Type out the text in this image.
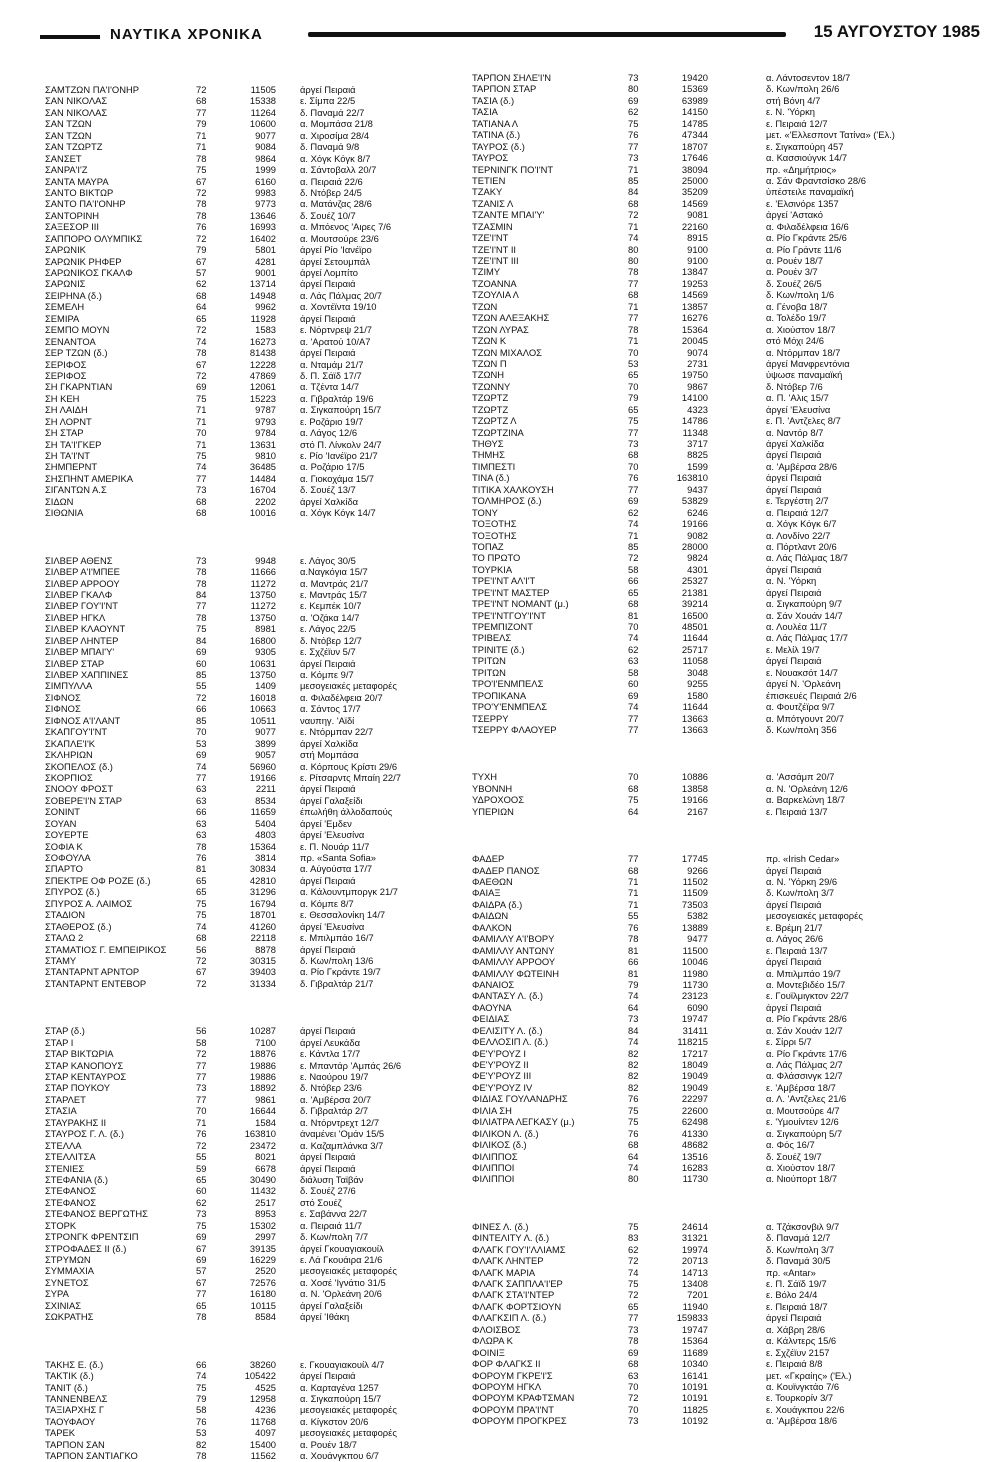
ΝΑΥΤΙΚΑ ΧΡΟΝΙΚΑ	15 ΑΥΓΟΥΣΤΟΥ 1985
ΣΑΜΤΖΩΝ ΠΑ'Ι'ΟΝΗΡ	72	11505	άργεί Πειραιά
ΣΑΝ ΝΙΚΟΛΑΣ	68	15338	ε. Σίμπα 22/5
ΣΑΝ ΝΙΚΟΛΑΣ	77	11264	δ. Παναμά 22/7
ΣΑΝ ΤΖΩΝ	79	10600	α. Μομπάσα 21/8
ΣΑΝ ΤΖΩΝ	71	9077	α. Χιροσίμα 28/4
ΣΑΝ ΤΖΩΡΤΖ	71	9084	δ. Παναμά 9/8
ΣΑΝΣΕΤ	78	9864	α. Χόγκ Κόγκ 8/7
ΣΑΝΡΑ'Ι'Ζ	75	1999	α. Σάντοβαλλ 20/7
ΣΑΝΤΑ ΜΑΥΡΑ	67	6160	α. Πειραιά 22/6
ΣΑΝΤΟ ΒΙΚΤΩΡ	72	9983	δ. Ντόβερ 24/5
ΣΑΝΤΟ ΠΑ'Ι'ΟΝΗΡ	78	9773	α. Ματάνζας 28/6
ΣΑΝΤΟΡΙΝΗ	78	13646	δ. Σουέζ 10/7
ΣΑΞΕΣΟΡ ΙΙΙ	76	16993	α. Μπόενος 'Αιρες 7/6
ΣΑΠΠΟΡΟ ΟΛΥΜΠΙΚΣ	72	16402	α. Μουτσούρε 23/6
ΣΑΡΩΝΙΚ	79	5801	άργεί Ρίο 'Ιανέϊρο
ΣΑΡΩΝΙΚ ΡΗΦΕΡ	67	4281	άργεί Σετουμπάλ
ΣΑΡΩΝΙΚΟΣ ΓΚΑΛΦ	57	9001	άργεί Λομπίτο
ΣΑΡΩΝΙΣ	62	13714	άργεί Πειραιά
ΣΕΙΡΗΝΑ (δ.)	68	14948	α. Λάς Πάλμας 20/7
ΣΕΜΕΛΗ	64	9962	α. Χοντέϊντα 19/10
ΣΕΜΙΡΑ	65	11928	άργεί Πειραιά
ΣΕΜΠΟ ΜΟΥΝ	72	1583	ε. Νόρτνρεψ 21/7
ΣΕΝΑΝΤΟΑ	74	16273	α. 'Αρατού 10/Α7
ΣΕΡ ΤΖΩΝ (δ.)	78	81438	άργεί Πειραιά
ΣΕΡΙΦΟΣ	67	12228	α. Νταμάμ 21/7
ΣΕΡΙΦΟΣ	72	47869	δ. Π. Σάϊδ 17/7
ΣΗ ΓΚΑΡΝΤΙΑΝ	69	12061	α. Τζέντα 14/7
ΣΗ ΚΕΗ	75	15223	α. Γιβραλτάρ 19/6
ΣΗ ΛΑΙΔΗ	71	9787	α. Σιγκαπούρη 15/7
ΣΗ ΛΟΡΝΤ	71	9793	ε. Ροζάριο 19/7
ΣΗ ΣΤΑΡ	70	9784	α. Λάγος 12/6
ΣΗ ΤΑ'Ι'ΓΚΕΡ	71	13631	στό Π. Λίνκολν 24/7
ΣΗ ΤΑ'Ι'ΝΤ	75	9810	ε. Ρίο 'Ιανέϊρο 21/7
ΣΗΜΠΕΡΝΤ	74	36485	α. Ροζάριο 17/5
ΣΗΣΠΗΝΤ ΑΜΕΡΙΚΑ	77	14484	α. Γιοκοχάμα 15/7
ΣΙΓΑΝΤΩΝ Α.Σ	73	16704	δ. Σουέζ 13/7
ΣΙΔΩΝ	68	2202	άργεί Χαλκίδα
ΣΙΘΩΝΙΑ	68	10016	α. Χόγκ Κόγκ 14/7
ΣΙΛΒΕΡ ΑΘΕΝΣ	73	9948	ε. Λάγος 30/5
ΣΙΛΒΕΡ Α'Ι'ΜΠΕΕ	78	11666	α.Ναγκόγια 15/7
ΣΙΛΒΕΡ ΑΡΡΟΟΥ	78	11272	α. Μαντράς 21/7
ΣΙΛΒΕΡ ΓΚΑΛΦ	84	13750	ε. Μαντράς 15/7
ΣΙΛΒΕΡ ΓΟΥ'Ι'ΝΤ	77	11272	ε. Κεμπέκ 10/7
ΣΙΛΒΕΡ ΗΓΚΛ	78	13750	α. 'Οζάκα 14/7
ΣΙΛΒΕΡ ΚΛΑΟΥΝΤ	75	8981	ε. Λάγος 22/5
ΣΙΛΒΕΡ ΛΗΝΤΕΡ	84	16800	δ. Ντόβερ 12/7
ΣΙΛΒΕΡ ΜΠΑΙ'Υ'	69	9305	ε. Σχζέϊυν 5/7
ΣΙΛΒΕΡ ΣΤΑΡ	60	10631	άργεί Πειραιά
ΣΙΛΒΕΡ ΧΑΠΠΙΝΕΣ	85	13750	α. Κόμπε 9/7
ΣΙΜΠΥΛΛΑ	55	1409	μεσογειακές μεταφορές
ΣΙΦΝΟΣ	72	16018	α. Φιλαδέλφεια 20/7
ΣΙΦΝΟΣ	66	10663	α. Σάντος 17/7
ΣΙΦΝΟΣ Α'Ι'ΛΑΝΤ	85	10511	ναυπηγ. 'Αϊδί
ΣΚΑΠΓΟΥ'Ι'ΝΤ	70	9077	ε. Ντόρμπαν 22/7
ΣΚΑΠΛΕ'Ι'Κ	53	3899	άργεί Χαλκίδα
ΣΚΛΗΡΙΩΝ	69	9057	στή Μομπάσα
ΣΚΟΠΕΛΟΣ (δ.)	74	56960	α. Κόρπους Κρίστι 29/6
ΣΚΟΡΠΙΟΣ	77	19166	ε. Ρίτσαρντς Μπαίη 22/7
ΣΝΟΟΥ ΦΡΟΣΤ	63	2211	άργεί Πειραιά
ΣΟΒΕΡΕ'Ι'Ν ΣΤΑΡ	63	8534	άργεί Γαλαξείδι
ΣΟΝΙΝΤ	66	11659	έπωλήθη άλλοδαπούς
ΣΟΥΑΝ	63	5404	άργεί 'Εμδεν
ΣΟΥΕΡΤΕ	63	4803	άργεί 'Ελευσίνα
ΣΟΦΙΑ Κ	78	15364	ε. Π. Νουάρ 11/7
ΣΟΦΟΥΛΑ	76	3814	πρ. «Santa Sofia»
ΣΠΑΡΤΟ	81	30834	α. Αύγούστα 17/7
ΣΠΕΚΤΡΕ ΟΦ ΡΟΖΕ (δ.)	65	42810	άργεί Πειραιά
ΣΠΥΡΟΣ (δ.)	65	31296	α. Κάλουντμποργκ 21/7
ΣΠΥΡΟΣ Α. ΛΑΙΜΟΣ	75	16794	α. Κόμπε 8/7
ΣΤΑΔΙΟΝ	75	18701	ε. Θεσσαλονίκη 14/7
ΣΤΑΘΕΡΟΣ (δ.)	74	41260	άργεί 'Ελευσίνα
ΣΤΑΛΩ 2	68	22118	ε. Μπιλμπάο 16/7
ΣΤΑΜΑΤΙΟΣ Γ. ΕΜΠΕΙΡΙΚΟΣ	56	8878	άργεί Πειραιά
ΣΤΑΜΥ	72	30315	δ. Κων/πολη 13/6
ΣΤΑΝΤΑΡΝΤ ΑΡΝΤΟΡ	67	39403	α. Ρίο Γκράντε 19/7
ΣΤΑΝΤΑΡΝΤ ΕΝΤΕΒΟΡ	72	31334	δ. Γιβραλτάρ 21/7
ΣΤΑΡ (δ.)	56	10287	άργεί Πειραιά
ΣΤΑΡ Ι	58	7100	άργεί Λευκάδα
ΣΤΑΡ ΒΙΚΤΩΡΙΑ	72	18876	ε. Κάντλα 17/7
ΣΤΑΡ ΚΑΝΟΠΟΥΣ	77	19886	ε. Μπαντάρ 'Αμπάς 26/6
ΣΤΑΡ ΚΕΝΤΑΥΡΟΣ	77	19886	ε. Ναούρου 19/7
ΣΤΑΡ ΠΟΥΚΟΥ	73	18892	δ. Ντόβερ 23/6
ΣΤΑΡΛΕΤ	77	9861	α. 'Αμβέρσα 20/7
ΣΤΑΣΙΑ	70	16644	δ. Γιβραλτάρ 2/7
ΣΤΑΥΡΑΚΗΣ ΙΙ	71	1584	α. Ντόρντρεχτ 12/7
ΣΤΑΥΡΟΣ Γ. Λ. (δ.)	76	163810	άναμένει 'Ομάν 15/5
ΣΤΕΛΛΑ	72	23472	α. Καζαμπλάνκα 3/7
ΣΤΕΛΛΙΤΣΑ	55	8021	άργεί Πειραιά
ΣΤΕΝΙΕΣ	59	6678	άργεί Πειραιά
ΣΤΕΦΑΝΙΑ (δ.)	65	30490	διάλυση Ταϊβάν
ΣΤΕΦΑΝΟΣ	60	11432	δ. Σουέζ 27/6
ΣΤΕΦΑΝΟΣ	62	2517	στό Σουέζ
ΣΤΕΦΑΝΟΣ ΒΕΡΓΩΤΗΣ	73	8953	ε. Σαβάννα 22/7
ΣΤΟΡΚ	75	15302	α. Πειραιά 11/7
ΣΤΡΟΝΓΚ ΦΡΕΝΤΣΙΠ	69	2997	δ. Κων/πολη 7/7
ΣΤΡΟΦΑΔΕΣ ΙΙ (δ.)	67	39135	άργεί Γκουαγιακουίλ
ΣΤΡΥΜΩΝ	69	16229	ε. Λά Γκουάιρα 21/6
ΣΥΜΜΑΧΙΑ	57	2520	μεσογειακές μεταφορές
ΣΥΝΕΤΟΣ	67	72576	α. Χοσέ 'Ιγνάτιο 31/5
ΣΥΡΑ	77	16180	α. Ν. 'Ορλεάνη 20/6
ΣΧΙΝΙΑΣ	65	10115	άργεί Γαλαξείδι
ΣΩΚΡΑΤΗΣ	78	8584	άργεί 'Ιθάκη
ΤΑΚΗΣ Ε. (δ.)	66	38260	ε. Γκουαγιακουίλ 4/7
ΤΑΚΤΙΚ (δ.)	74	105422	άργεί Πειραιά
ΤΑΝΙΤ (δ.)	75	4525	α. Καρταγένα 1257
ΤΑΝΝΕΝΒΕΛΣ	79	12958	α. Σιγκαπούρη 15/7
ΤΑΞΙΑΡΧΗΣ Γ	58	4236	μεσογειακές μεταφορές
ΤΑΟΥΦΑΟΥ	76	11768	α. Κίγκστον 20/6
ΤΑΡΕΚ	53	4097	μεσογειακές μεταφορές
ΤΑΡΠΟΝ ΣΑΝ	82	15400	α. Ρουέν 18/7
ΤΑΡΠΟΝ ΣΑΝΤΙΑΓΚΟ	78	11562	α. Χουάνγκπου 6/7
ΤΑΡΠΟΝ ΣΗΛΕ'Ι'Ν	73	19420	α. Λάντοσεντον 18/7
ΤΑΡΠΟΝ ΣΤΑΡ	80	15369	δ. Κων/πολη 26/6
ΤΑΣΙΑ (δ.)	69	63989	στή Βόνη 4/7
ΤΑΣΙΑ	62	14150	ε. Ν. 'Υόρκη
ΤΑΤΙΑΝΑ Λ	75	14785	ε. Πειραιά 12/7
ΤΑΤΙΝΑ (δ.)	76	47344	μετ. «'Ελλεσποντ Τατίνα» ('Ελ.)
ΤΑΥΡΟΣ (δ.)	77	18707	ε. Σιγκαπούρη 457
ΤΑΥΡΟΣ	73	17646	α. Κασσιούγνκ 14/7
ΤΕΡΝΙΝΓΚ ΠΟ'Ι'ΝΤ	71	38094	πρ. «Δημήτριος»
ΤΕΤΙΕΝ	85	25000	α. Σάν Φραντσίσκο 28/6
ΤΖΑΚΥ	84	35209	ύπέστειλε παναμαϊκή
ΤΖΑΝΙΣ Λ	68	14569	ε. 'Ελσινόρε 1357
ΤΖΑΝΤΕ ΜΠΑΙ'Υ'	72	9081	άργεί 'Αστακό
ΤΖΑΣΜΙΝ	71	22160	α. Φιλαδέλφεια 16/6
ΤΖΕ'Ι'ΝΤ	74	8915	α. Ρίο Γκράντε 25/6
ΤΖΕ'Ι'ΝΤ ΙΙ	80	9100	α. Ρίο Γράντε 11/6
ΤΖΕ'Ι'ΝΤ ΙΙΙ	80	9100	α. Ρουέν 18/7
ΤΖΙΜΥ	78	13847	α. Ρουέν 3/7
ΤΖΟΑΝΝΑ	77	19253	δ. Σουέζ 26/5
ΤΖΟΥΛΙΑ Λ	68	14569	δ. Κων/πολη 1/6
ΤΖΩΝ	71	13857	α. Γένοβα 18/7
ΤΖΩΝ ΑΛΕΞΑΚΗΣ	77	16276	α. Τολέδο 19/7
ΤΖΩΝ ΛΥΡΑΣ	78	15364	α. Χιούστον 18/7
ΤΖΩΝ Κ	71	20045	στό Μόχι 24/6
ΤΖΩΝ ΜΙΧΑΛΟΣ	70	9074	α. Ντόρμπαν 18/7
ΤΖΩΝ Π	53	2731	άργεί Μανφρεντόνια
ΤΖΩΝΗ	65	19750	ύψωσε παναμαϊκή
ΤΖΩΝΝΥ	70	9867	δ. Ντόβερ 7/6
ΤΖΩΡΤΖ	79	14100	α. Π. 'Αλις 15/7
ΤΖΩΡΤΖ	65	4323	άργεί 'Ελευσίνα
ΤΖΩΡΤΖ Λ	75	14786	ε. Π. 'Αντζελες 8/7
ΤΖΩΡΤΖΙΝΑ	77	11348	α. Ναντόρ 8/7
ΤΗΘΥΣ	73	3717	άργεί Χαλκίδα
ΤΗΜΗΣ	68	8825	άργεί Πειραιά
ΤΙΜΠΕΣΤΙ	70	1599	α. 'Αμβέρσα 28/6
ΤΙΝΑ (δ.)	76	163810	άργεί Πειραιά
ΤΙΤΙΚΑ ΧΑΛΚΟΥΣΗ	77	9437	άργεί Πειραιά
ΤΟΛΜΗΡΟΣ (δ.)	69	53829	ε. Τεργέστη 2/7
ΤΟΝΥ	62	6246	α. Πειραιά 12/7
ΤΟΞΟΤΗΣ	74	19166	α. Χόγκ Κόγκ 6/7
ΤΟΞΟΤΗΣ	71	9082	α. Λονδίνο 22/7
ΤΟΠΑΖ	85	28000	α. Πόρτλαντ 20/6
ΤΟ ΠΡΩΤΟ	72	9824	α. Λάς Πάλμας 18/7
ΤΟΥΡΚΙΑ	58	4301	άργεί Πειραιά
ΤΡΕ'Ι'ΝΤ ΑΛ'Ι'Τ	66	25327	α. Ν. 'Υόρκη
ΤΡΕ'Ι'ΝΤ ΜΑΣΤΕΡ	65	21381	άργεί Πειραιά
ΤΡΕ'Ι'ΝΤ ΝΟΜΑΝΤ (μ.)	68	39214	α. Σιγκαπούρη 9/7
ΤΡΕ'Ι'ΝΤΓΟΥ'Ι'ΝΤ	81	16500	α. Σάν Χουάν 14/7
ΤΡΕΜΠΙΖΟΝΤ	70	48501	α. Λουλέα 11/7
ΤΡΙΒΕΛΣ	74	11644	α. Λάς Πάλμας 17/7
ΤΡΙΝΙΤΕ (δ.)	62	25717	ε. Μελίλ 19/7
ΤΡΙΤΩΝ	63	11058	άργεί Πειραιά
ΤΡΙΤΩΝ	58	3048	ε. Νουακσότ 14/7
ΤΡΟ'Ι'ΕΝΜΠΕΛΣ	60	9255	άργεί Ν. 'Ορλεάνη
ΤΡΟΠΙΚΑΝΑ	69	1580	έπισκευές Πειραιά 2/6
ΤΡΟ'Υ'ΕΝΜΠΕΛΣ	74	11644	α. Φουτζέϊρα 9/7
ΤΣΕΡΡΥ	77	13663	α. Μπότγουντ 20/7
ΤΣΕΡΡΥ ΦΛΑΟΥΕΡ	77	13663	δ. Κων/πολη 356
ΤΥΧΗ	70	10886	α. 'Ασσάμπ 20/7
ΥΒΟΝΝΗ	68	13858	α. Ν. 'Ορλεάνη 12/6
ΥΔΡΟΧΟΟΣ	75	19166	α. Βαρκελώνη 18/7
ΥΠΕΡΙΩΝ	64	2167	ε. Πειραιά 13/7
ΦΑΔΕΡ	77	17745	πρ. «Irish Cedar»
ΦΑΔΕΡ ΠΑΝΟΣ	68	9266	άργεί Πειραιά
ΦΑΕΘΩΝ	71	11502	α. Ν. 'Υόρκη 29/6
ΦΑΙΑΞ	71	11509	δ. Κων/πολη 3/7
ΦΑΙΔΡΑ (δ.)	71	73503	άργεί Πειραιά
ΦΑΙΔΩΝ	55	5382	μεσογειακές μεταφορές
ΦΑΛΚΟΝ	76	13889	ε. Βρέμη 21/7
ΦΑΜΙΛΛΥ Α'Ι'ΒΟΡΥ	78	9477	α. Λάγος 26/6
ΦΑΜΙΛΛΥ ΑΝΤΩΝΥ	81	11500	ε. Πειραιά 13/7
ΦΑΜΙΛΛΥ ΑΡΡΟΟΥ	66	10046	άργεί Πειραιά
ΦΑΜΙΛΛΥ ΦΩΤΕΙΝΗ	81	11980	α. Μπιλμπάο 19/7
ΦΑΝΑΙΟΣ	79	11730	α. Μοντεβιδέο 15/7
ΦΑΝΤΑΣΥ Λ. (δ.)	74	23123	ε. Γουϊλμιγκτον 22/7
ΦΑΟΥΝΑ	64	6090	άργεί Πειραιά
ΦΕΙΔΙΑΣ	73	19747	α. Ρίο Γκράντε 28/6
ΦΕΛΙΣΙΤΥ Λ. (δ.)	84	31411	α. Σάν Χουάν 12/7
ΦΕΛΛΟΣΙΠ Λ. (δ.)	74	118215	ε. Σίρρι 5/7
ΦΕ'Υ'ΡΟΥΖ Ι	82	17217	α. Ρίο Γκράντε 17/6
ΦΕ'Υ'ΡΟΥΖ ΙΙ	82	18049	α. Λάς Πάλμας 2/7
ΦΕ'Υ'ΡΟΥΖ ΙΙΙ	82	19049	α. Φλάσσινγκ 12/7
ΦΕ'Υ'ΡΟΥΖ IV	82	19049	ε. 'Αμβέρσα 18/7
ΦΙΔΙΑΣ ΓΟΥΛΑΝΔΡΗΣ	76	22297	α. Λ. 'Αντζελες 21/6
ΦΙΛΙΑ ΣΗ	75	22600	α. Μουτσούρε 4/7
ΦΙΛΙΑΤΡΑ ΛΕΓΚΑΣΥ (μ.)	75	62498	ε. 'Υμουίντεν 12/6
ΦΙΛΙΚΟΝ Λ. (δ.)	76	41330	α. Σιγκαπούρη 5/7
ΦΙΛΙΚΟΣ (δ.)	68	48682	α. Φός 16/7
ΦΙΛΙΠΠΟΣ	64	13516	δ. Σουέζ 19/7
ΦΙΛΙΠΠΟΙ	74	16283	α. Χιούστον 18/7
ΦΙΛΙΠΠΟΙ	80	11730	α. Νιούπορτ 18/7
ΦΙΝΕΣ Λ. (δ.)	75	24614	α. Τζάκσονβιλ 9/7
ΦΙΝΤΕΛΙΤΥ Λ. (δ.)	83	31321	δ. Παναμά 12/7
ΦΛΑΓΚ ΓΟΥ'Ι'ΛΛΙΑΜΣ	62	19974	δ. Κων/πολη 3/7
ΦΛΑΓΚ ΛΗΝΤΕΡ	72	20713	δ. Παναμά 30/5
ΦΛΑΓΚ ΜΑΡΙΑ	74	14713	πρ. «Antar»
ΦΛΑΓΚ ΣΑΠΠΛΑ'Ι'ΕΡ	75	13408	ε. Π. Σάϊδ 19/7
ΦΛΑΓΚ ΣΤΑ'Ι'ΝΤΕΡ	72	7201	ε. Βόλο 24/4
ΦΛΑΓΚ ΦΟΡΤΣΙΟΥΝ	65	11940	ε. Πειραιά 18/7
ΦΛΑΓΚΣΙΠ Λ. (δ.)	77	159833	άργεί Πειραιά
ΦΛΟΙΣΒΟΣ	73	19747	α. Χάβρη 28/6
ΦΛΩΡΑ Κ	78	15364	α. Κάλντερς 15/6
ΦΟΙΝΙΞ	69	11689	ε. Σχζέϊυν 2157
ΦΟΡ ΦΛΑΓΚΣ ΙΙ	68	10340	ε. Πειραιά 8/8
ΦΟΡΟΥΜ ΓΚΡΕ'Ι'Σ	63	16141	μετ. «Γκραίης» ('Ελ.)
ΦΟΡΟΥΜ ΗΓΚΛ	70	10191	α. Κουϊνγκτάο 7/6
ΦΟΡΟΥΜ ΚΡΑΦΤΣΜΑΝ	72	10191	ε. Τουρκορίν 3/7
ΦΟΡΟΥΜ ΠΡΑ'Ι'ΝΤ	70	11825	ε. Χουάγκπου 22/6
ΦΟΡΟΥΜ ΠΡΟΓΚΡΕΣ	73	10192	α. 'Αμβέρσα 18/6
